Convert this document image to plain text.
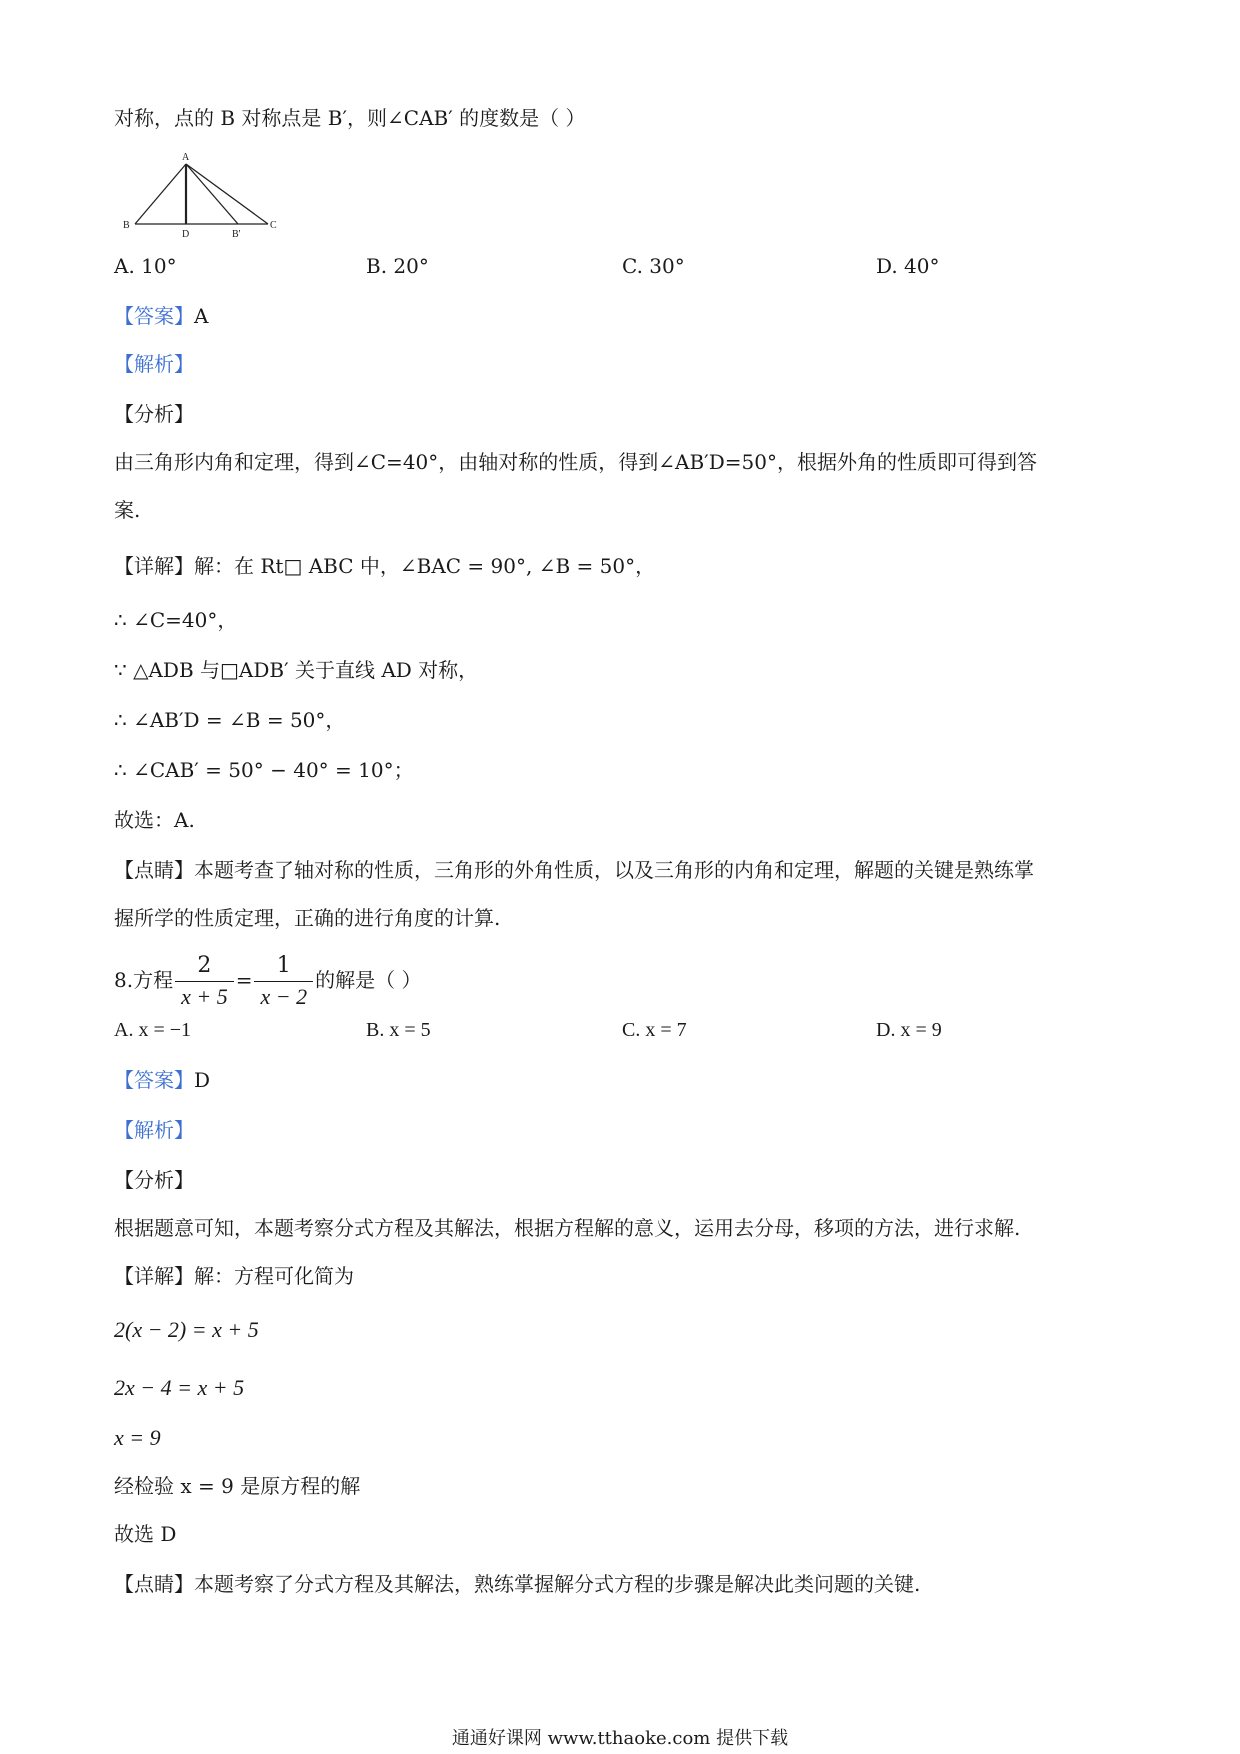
对称，点的 B 对称点是 B′，则∠CAB′ 的度数是（ ）
A
B
D	B'
C
A. 10°	B. 20°	C. 30°	D. 40°
【答案】A
【解析】
【分析】
由三角形内角和定理，得到∠C=40°，由轴对称的性质，得到∠AB′D=50°，根据外角的性质即可得到答
案.
【详解】解：在 Rt□ ABC 中，∠BAC = 90°, ∠B = 50°，
∴ ∠C=40°，
∵ △ADB 与□ADB′ 关于直线 AD 对称，
∴ ∠AB′D = ∠B = 50°，
∴ ∠CAB′ = 50° − 40° = 10°；
故选：A.
【点睛】本题考查了轴对称的性质，三角形的外角性质，以及三角形的内角和定理，解题的关键是熟练掌
握所学的性质定理，正确的进行角度的计算.
8.方程 $\frac{2}{x + 5} = \frac{1}{x - 2}$ 的解是（ ）
A. x = −1	B. x = 5	C. x = 7	D. x = 9
【答案】D
【解析】
【分析】
根据题意可知，本题考察分式方程及其解法，根据方程解的意义，运用去分母，移项的方法，进行求解.
【详解】解：方程可化简为
2(x − 2) = x + 5
2x − 4 = x + 5
x = 9
经检验 x = 9 是原方程的解
故选 D
【点睛】本题考察了分式方程及其解法，熟练掌握解分式方程的步骤是解决此类问题的关键.
通通好课网 www.tthaoke.com 提供下载
